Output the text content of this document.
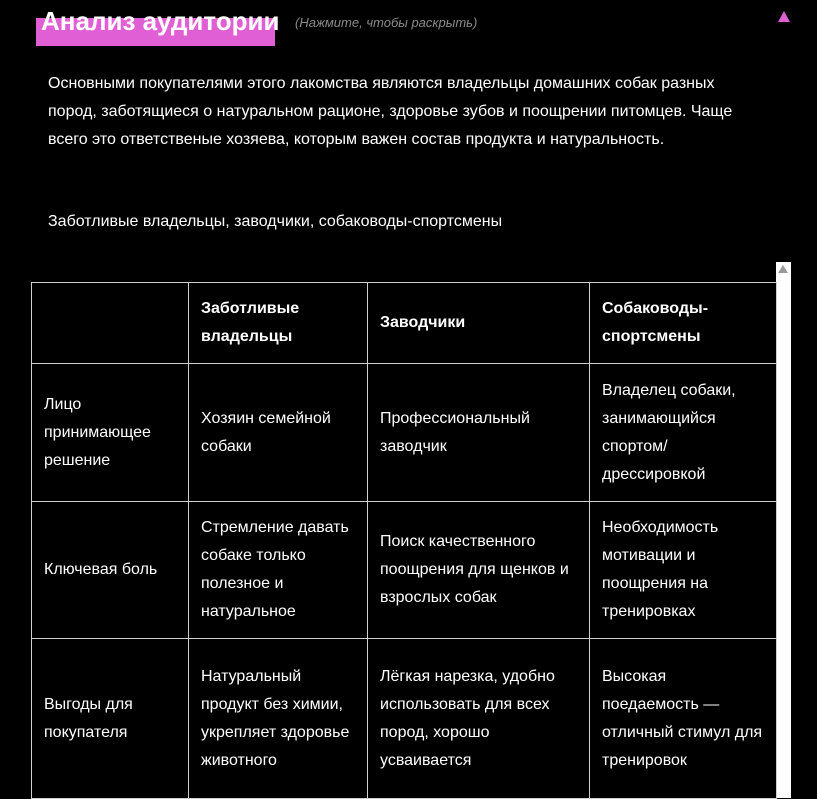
Анализ аудитории (Нажмите, чтобы раскрыть)

Основными покупателями этого лакомства являются владельцы домашних собак разных пород, заботящиеся о натуральном рационе, здоровье зубов и поощрении питомцев. Чаще всего это ответственые хозяева, которым важен состав продукта и натуральность.

Заботливые владельцы, заводчики, собаководы-спортсмены

	Заботливые владельцы	Заводчики	Собаководы-спортсмены
Лицо принимающее решение	Хозяин семейной собаки	Профессиональный заводчик	Владелец собаки, занимающийся спортом/ дрессировкой
Ключевая боль	Стремление давать собаке только полезное и натуральное	Поиск качественного поощрения для щенков и взрослых собак	Необходимость мотивации и поощрения на тренировках
Выгоды для покупателя	Натуральный продукт без химии, укрепляет здоровье животного	Лёгкая нарезка, удобно использовать для всех пород, хорошо усваивается	Высокая поедаемость — отличный стимул для тренировок
